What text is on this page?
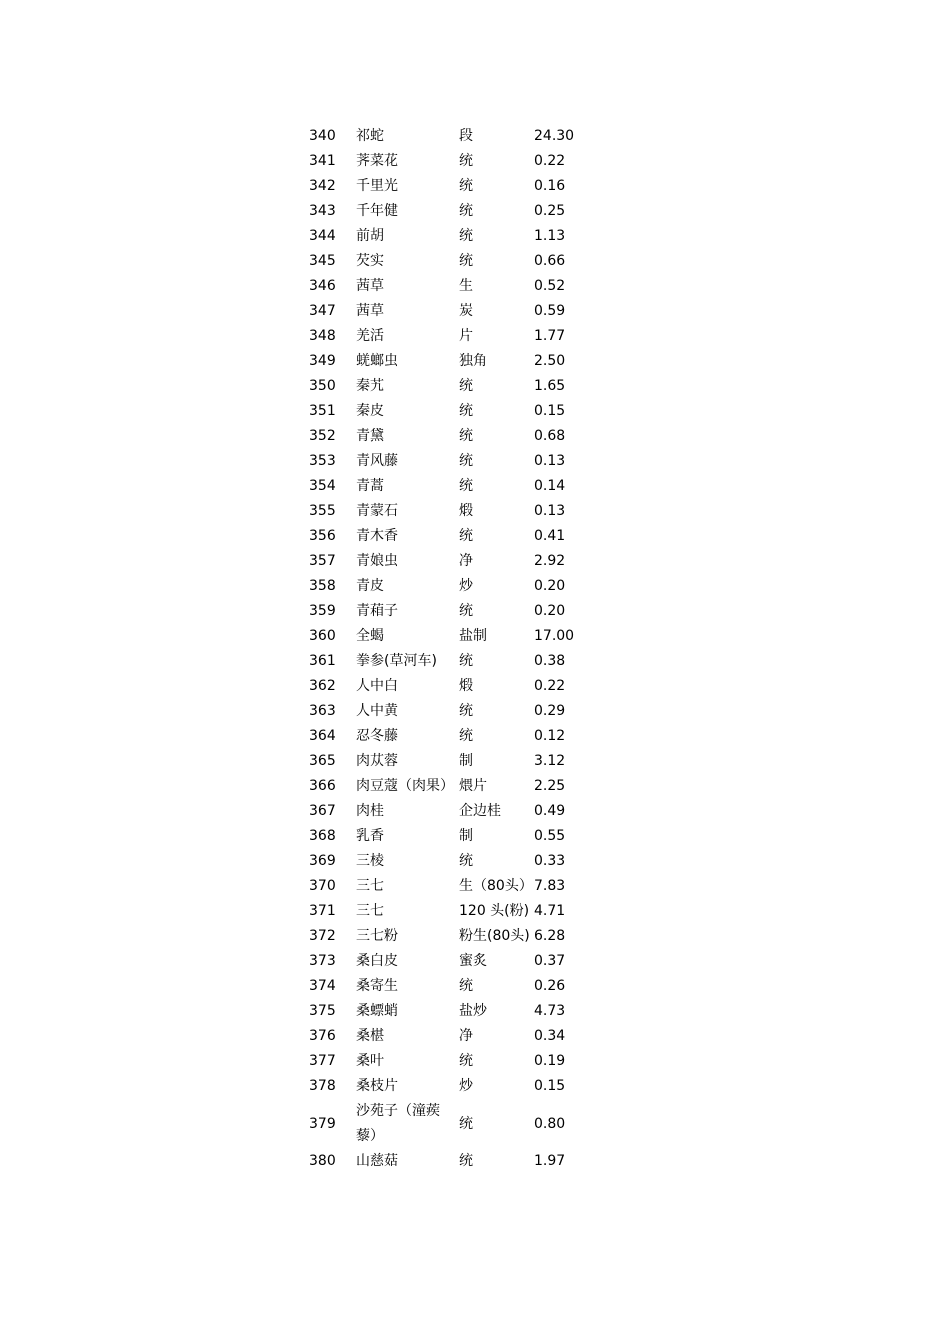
340	祁蛇	段	24.30
341	荠菜花	统	0.22
342	千里光	统	0.16
343	千年健	统	0.25
344	前胡	统	1.13
345	芡实	统	0.66
346	茜草	生	0.52
347	茜草	炭	0.59
348	羌活	片	1.77
349	蜣螂虫	独角	2.50
350	秦艽	统	1.65
351	秦皮	统	0.15
352	青黛	统	0.68
353	青风藤	统	0.13
354	青蒿	统	0.14
355	青蒙石	煅	0.13
356	青木香	统	0.41
357	青娘虫	净	2.92
358	青皮	炒	0.20
359	青葙子	统	0.20
360	全蝎	盐制	17.00
361	拳参(草河车)	统	0.38
362	人中白	煅	0.22
363	人中黄	统	0.29
364	忍冬藤	统	0.12
365	肉苁蓉	制	3.12
366	肉豆蔻（肉果）	煨片	2.25
367	肉桂	企边桂	0.49
368	乳香	制	0.55
369	三棱	统	0.33
370	三七	生（80头）	7.83
371	三七	120 头(粉)	4.71
372	三七粉	粉生(80头)	6.28
373	桑白皮	蜜炙	0.37
374	桑寄生	统	0.26
375	桑螵蛸	盐炒	4.73
376	桑椹	净	0.34
377	桑叶	统	0.19
378	桑枝片	炒	0.15
379	沙苑子（潼蒺藜）	统	0.80
380	山慈菇	统	1.97
